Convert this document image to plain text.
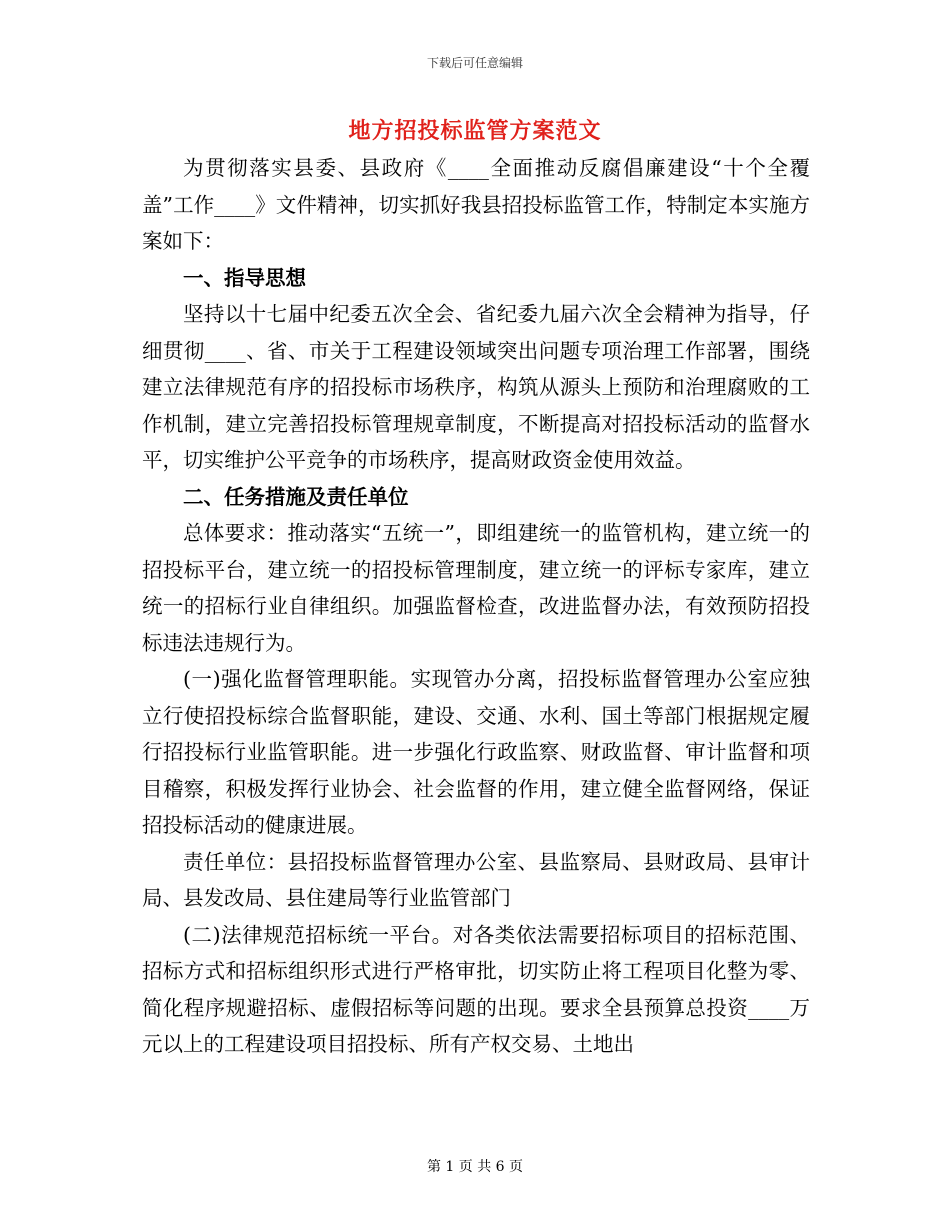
下载后可任意编辑
地方招投标监管方案范文

为贯彻落实县委、县政府《____全面推动反腐倡廉建设“十个全覆盖”工作____》文件精神，切实抓好我县招投标监管工作，特制定本实施方案如下：

一、指导思想

坚持以十七届中纪委五次全会、省纪委九届六次全会精神为指导，仔细贯彻____、省、市关于工程建设领域突出问题专项治理工作部署，围绕建立法律规范有序的招投标市场秩序，构筑从源头上预防和治理腐败的工作机制，建立完善招投标管理规章制度，不断提高对招投标活动的监督水平，切实维护公平竞争的市场秩序，提高财政资金使用效益。

二、任务措施及责任单位

总体要求：推动落实“五统一”，即组建统一的监管机构，建立统一的招投标平台，建立统一的招投标管理制度，建立统一的评标专家库，建立统一的招标行业自律组织。加强监督检查，改进监督办法，有效预防招投标违法违规行为。

(一)强化监督管理职能。实现管办分离，招投标监督管理办公室应独立行使招投标综合监督职能，建设、交通、水利、国土等部门根据规定履行招投标行业监管职能。进一步强化行政监察、财政监督、审计监督和项目稽察，积极发挥行业协会、社会监督的作用，建立健全监督网络，保证招投标活动的健康进展。

责任单位：县招投标监督管理办公室、县监察局、县财政局、县审计局、县发改局、县住建局等行业监管部门

(二)法律规范招标统一平台。对各类依法需要招标项目的招标范围、招标方式和招标组织形式进行严格审批，切实防止将工程项目化整为零、简化程序规避招标、虚假招标等问题的出现。要求全县预算总投资____万元以上的工程建设项目招投标、所有产权交易、土地出

第 1 页 共 6 页
